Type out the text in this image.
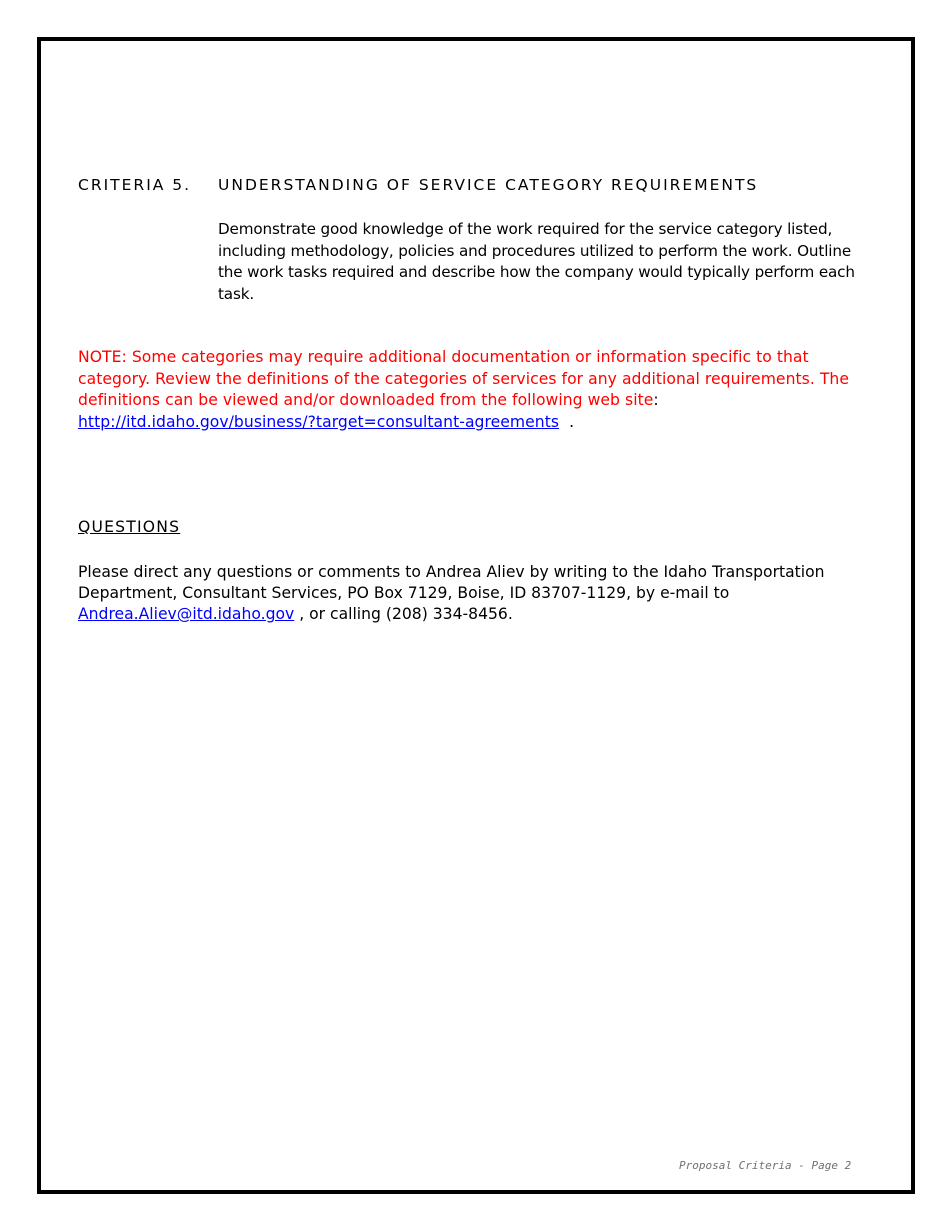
CRITERIA 5. UNDERSTANDING OF SERVICE CATEGORY REQUIREMENTS

Demonstrate good knowledge of the work required for the service category listed, including methodology, policies and procedures utilized to perform the work. Outline the work tasks required and describe how the company would typically perform each task.

NOTE: Some categories may require additional documentation or information specific to that category. Review the definitions of the categories of services for any additional requirements. The definitions can be viewed and/or downloaded from the following web site:
http://itd.idaho.gov/business/?target=consultant-agreements  .

QUESTIONS

Please direct any questions or comments to Andrea Aliev by writing to the Idaho Transportation Department, Consultant Services, PO Box 7129, Boise, ID 83707-1129, by e-mail to Andrea.Aliev@itd.idaho.gov , or calling (208) 334-8456.

Proposal Criteria - Page 2
